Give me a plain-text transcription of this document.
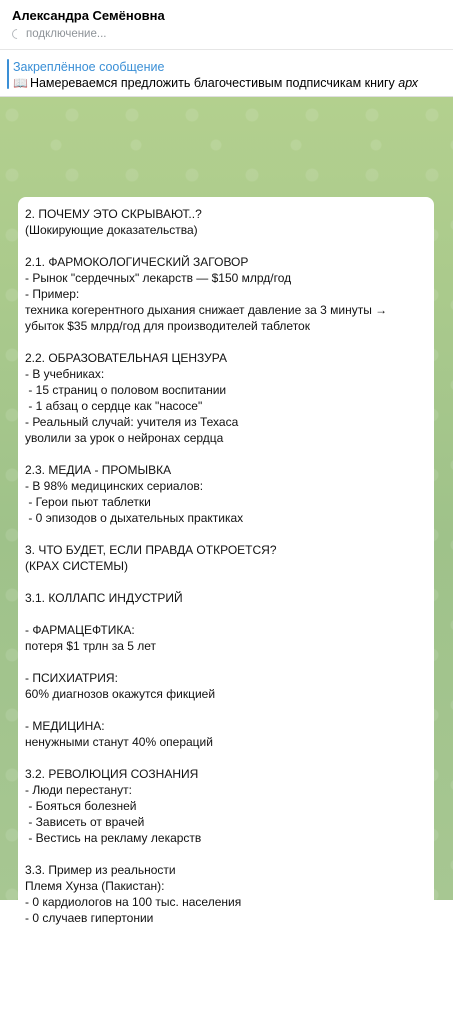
Александра Семёновна
подключение...
Закреплённое сообщение
📖 Намереваемся предложить благочестивым подписчикам книгу арх
2. ПОЧЕМУ ЭТО СКРЫВАЮТ..?
(Шокирующие доказательства)
2.1. ФАРМОКОЛОГИЧЕСКИЙ ЗАГОВОР
- Рынок "сердечных" лекарств — $150 млрд/год
- Пример:
техника когерентного дыхания снижает давление за 3 минуты →
убыток $35 млрд/год для производителей таблеток
2.2. ОБРАЗОВАТЕЛЬНАЯ ЦЕНЗУРА
- В учебниках:
- 15 страниц о половом воспитании
- 1 абзац о сердце как "насосе"
- Реальный случай: учителя из Техаса
уволили за урок о нейронах сердца
2.3. МЕДИА - ПРОМЫВКА
- В 98% медицинских сериалов:
- Герои пьют таблетки
- 0 эпизодов о дыхательных практиках
3. ЧТО БУДЕТ, ЕСЛИ ПРАВДА ОТКРОЕТСЯ?
(КРАХ СИСТЕМЫ)
3.1. КОЛЛАПС ИНДУСТРИЙ
- ФАРМАЦЕФТИКА:
потеря $1 трлн за 5 лет
- ПСИХИАТРИЯ:
60% диагнозов окажутся фикцией
- МЕДИЦИНА:
ненужными станут 40% операций
3.2. РЕВОЛЮЦИЯ СОЗНАНИЯ
- Люди перестанут:
- Бояться болезней
- Зависеть от врачей
- Вестись на рекламу лекарств
3.3. Пример из реальности
Племя Хунза (Пакистан):
- 0 кардиологов на 100 тыс. населения
- 0 случаев гипертонии
